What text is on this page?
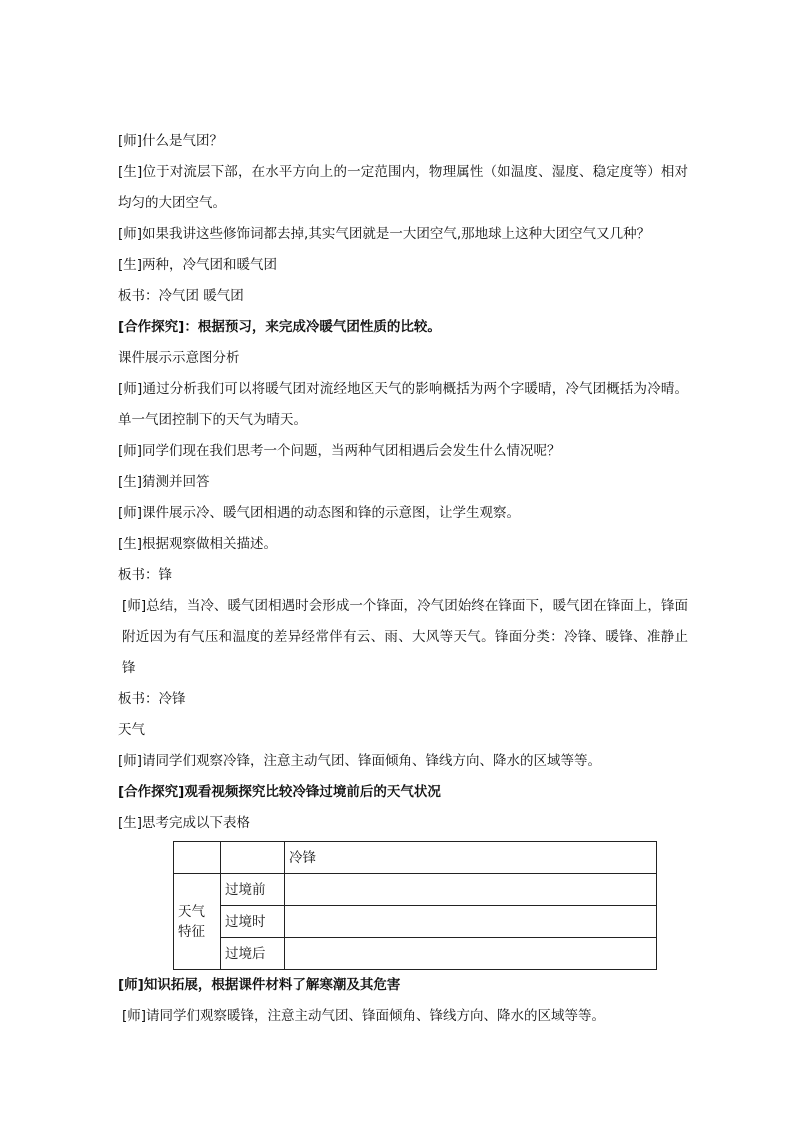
[师]什么是气团？

[生]位于对流层下部，在水平方向上的一定范围内，物理属性（如温度、湿度、稳定度等）相对均匀的大团空气。

[师]如果我讲这些修饰词都去掉,其实气团就是一大团空气,那地球上这种大团空气又几种？

[生]两种，冷气团和暖气团

板书：冷气团 暖气团

[合作探究]：根据预习，来完成冷暖气团性质的比较。

课件展示示意图分析

[师]通过分析我们可以将暖气团对流经地区天气的影响概括为两个字暖晴，冷气团概括为冷晴。单一气团控制下的天气为晴天。

[师]同学们现在我们思考一个问题，当两种气团相遇后会发生什么情况呢？

[生]猜测并回答

[师]课件展示冷、暖气团相遇的动态图和锋的示意图，让学生观察。

[生]根据观察做相关描述。

板书：锋

[师]总结，当冷、暖气团相遇时会形成一个锋面，冷气团始终在锋面下，暖气团在锋面上，锋面附近因为有气压和温度的差异经常伴有云、雨、大风等天气。锋面分类：冷锋、暖锋、准静止锋

板书：冷锋

天气

[师]请同学们观察冷锋，注意主动气团、锋面倾角、锋线方向、降水的区域等等。

[合作探究]观看视频探究比较冷锋过境前后的天气状况

[生]思考完成以下表格

		冷锋

天气
特征	过境前	
	过境时	
	过境后	

[师]知识拓展，根据课件材料了解寒潮及其危害

[师]请同学们观察暖锋，注意主动气团、锋面倾角、锋线方向、降水的区域等等。
